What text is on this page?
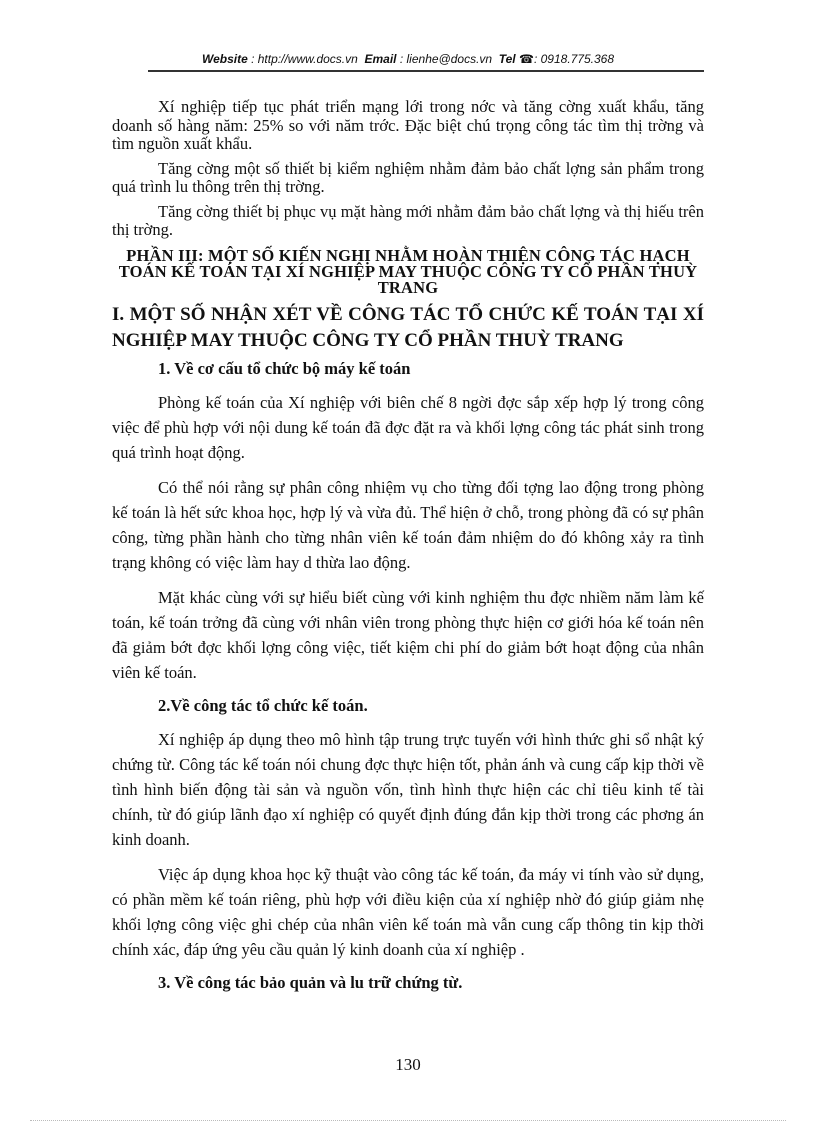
Website : http://www.docs.vn Email : lienhe@docs.vn Tel ☎: 0918.775.368

Xí nghiệp tiếp tục phát triển mạng lới trong nớc và tăng cờng xuất khẩu, tăng doanh số hàng năm: 25% so với năm trớc. Đặc biệt chú trọng công tác tìm thị trờng và tìm nguồn xuất khẩu.

Tăng cờng một số thiết bị kiểm nghiệm nhằm đảm bảo chất lợng sản phẩm trong quá trình lu thông trên thị trờng.

Tăng cờng thiết bị phục vụ mặt hàng mới nhằm đảm bảo chất lợng và thị hiếu trên thị trờng.

PHẦN III: MỘT SỐ KIẾN NGHỊ NHẰM HOÀN THIỆN CÔNG TÁC HẠCH TOÁN KẾ TOÁN TẠI XÍ NGHIỆP MAY THUỘC CÔNG TY CỔ PHẦN THUỲ TRANG
I. MỘT SỐ NHẬN XÉT VỀ CÔNG TÁC TỔ CHỨC KẾ TOÁN TẠI XÍ NGHIỆP MAY THUỘC CÔNG TY CỔ PHẦN THUỲ TRANG
1. Về cơ cấu tổ chức bộ máy kế toán

Phòng kế toán của Xí nghiệp với biên chế 8 ngời đợc sắp xếp hợp lý trong công việc để phù hợp với nội dung kế toán đã đợc đặt ra và khối lợng công tác phát sinh trong quá trình hoạt động.

Có thể nói rằng sự phân công nhiệm vụ cho từng đối tợng lao động trong phòng kế toán là hết sức khoa học, hợp lý và vừa đủ. Thể hiện ở chỗ, trong phòng đã có sự phân công, từng phần hành cho từng nhân viên kế toán đảm nhiệm do đó không xảy ra tình trạng không có việc làm hay d thừa lao động.

Mặt khác cùng với sự hiểu biết cùng với kinh nghiệm thu đợc nhiềm năm làm kế toán, kế toán trởng đã cùng với nhân viên trong phòng thực hiện cơ giới hóa kế toán nên đã giảm bớt đợc khối lợng công việc, tiết kiệm chi phí do giảm bớt hoạt động của nhân viên kế toán.

2.Về công tác tổ chức kế toán.

Xí nghiệp áp dụng theo mô hình tập trung trực tuyến với hình thức ghi sổ nhật ký chứng từ. Công tác kế toán nói chung đợc thực hiện tốt, phản ánh và cung cấp kịp thời về tình hình biến động tài sản và nguồn vốn, tình hình thực hiện các chỉ tiêu kinh tế tài chính, từ đó giúp lãnh đạo xí nghiệp có quyết định đúng đắn kịp thời trong các phơng án kinh doanh.

Việc áp dụng khoa học kỹ thuật vào công tác kế toán, đa máy vi tính vào sử dụng, có phần mềm kế toán riêng, phù hợp với điều kiện của xí nghiệp nhờ đó giúp giảm nhẹ khối lợng công việc ghi chép của nhân viên kế toán mà vẫn cung cấp thông tin kịp thời chính xác, đáp ứng yêu cầu quản lý kinh doanh của xí nghiệp .

3. Về công tác bảo quản và lu trữ chứng từ.
130
